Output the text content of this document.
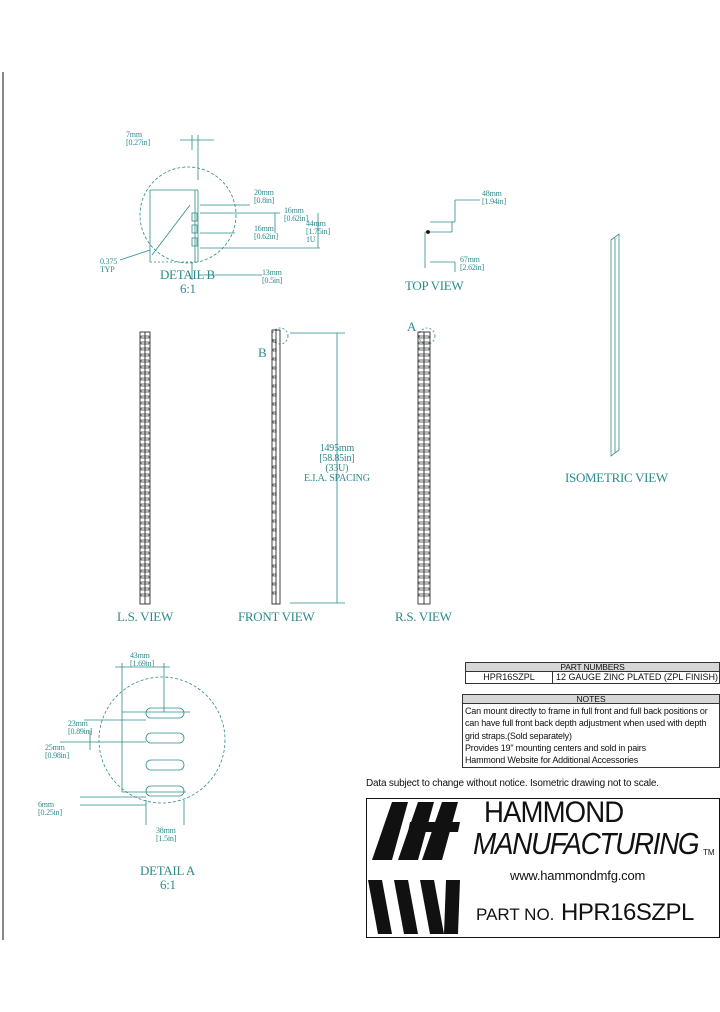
DETAIL B
6:1	TOP VIEW
L.S. VIEW	FRONT VIEW	R.S. VIEW
ISOMETRIC VIEW
DETAIL A
6:1
A
B
7mm
[0.27in]
20mm
[0.8in]
16mm
[0.62in]
44mm
[1.75in]
1U
16mm
[0.62in]
0.375
TYP	13mm
[0.5in]
48mm
[1.94in]
67mm
[2.62in]
1495mm
[58.85in]
(33U)
E.I.A. SPACING
43mm
[1.69in]
23mm
[0.89in]
25mm
[0.98in]
6mm
[0.25in]
38mm
[1.5in]
PART NUMBERS
HPR16SZPL	12 GAUGE ZINC PLATED (ZPL FINISH)
NOTES
Can mount directly to frame in full front and full back positions or
can have full front back depth adjustment when used with depth
grid straps.(Sold separately)
Provides 19" mounting centers and sold in pairs
Hammond Website for Additional Accessories
Data subject to change without notice. Isometric drawing not to scale.
HAMMOND
MANUFACTURING TM
www.hammondmfg.com
PART NO. HPR16SZPL
